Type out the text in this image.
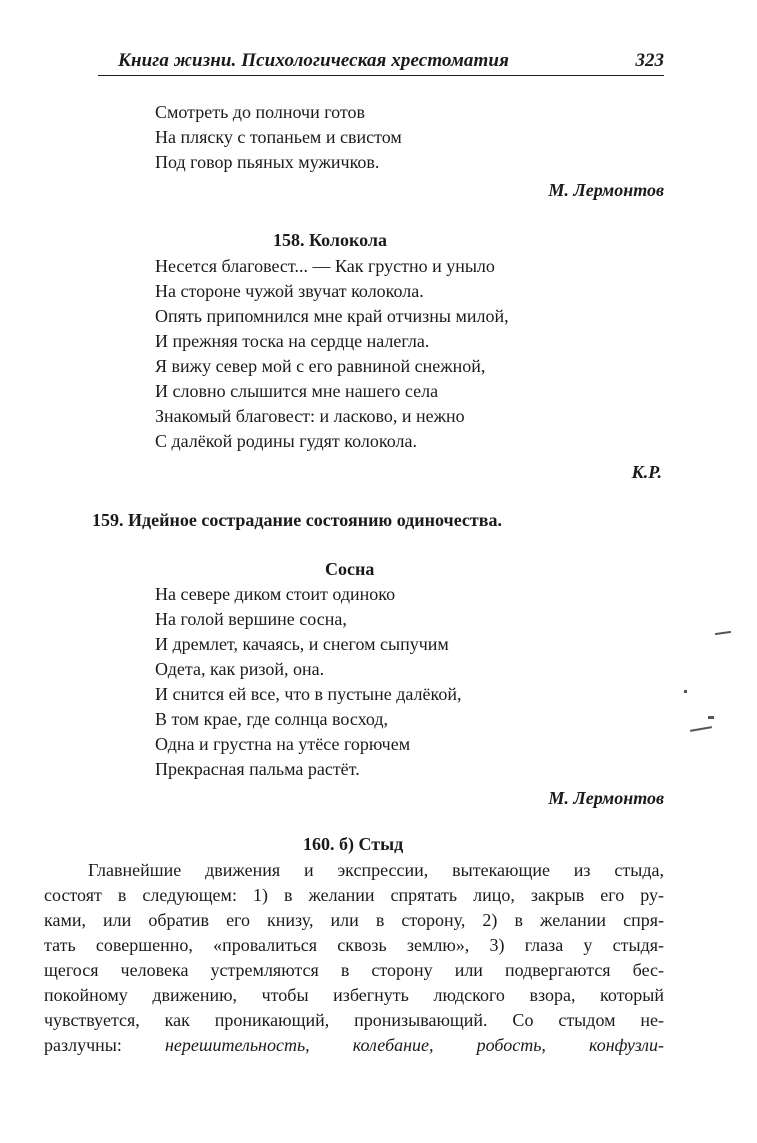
Книга жизни. Психологическая хрестоматия	323
Смотреть до полночи готов
На пляску с топаньем и свистом
Под говор пьяных мужичков.
М. Лермонтов
158. Колокола
Несется благовест... — Как грустно и уныло
На стороне чужой звучат колокола.
Опять припомнился мне край отчизны милой,
И прежняя тоска на сердце налегла.
Я вижу север мой с его равниной снежной,
И словно слышится мне нашего села
Знакомый благовест: и ласково, и нежно
С далёкой родины гудят колокола.
К.Р.
159. Идейное сострадание состоянию одиночества.
Сосна
На севере диком стоит одиноко
На голой вершине сосна,
И дремлет, качаясь, и снегом сыпучим
Одета, как ризой, она.
И снится ей все, что в пустыне далёкой,
В том крае, где солнца восход,
Одна и грустна на утёсе горючем
Прекрасная пальма растёт.
М. Лермонтов
160. б) Стыд
Главнейшие движения и экспрессии, вытекающие из стыда,
состоят в следующем: 1) в желании спрятать лицо, закрыв его ру-
ками, или обратив его книзу, или в сторону, 2) в желании спря-
тать совершенно, «провалиться сквозь землю», 3) глаза у стыдя-
щегося человека устремляются в сторону или подвергаются бес-
покойному движению, чтобы избегнуть людского взора, который
чувствуется, как проникающий, пронизывающий. Со стыдом не-
разлучны: нерешительность, колебание, робость, конфузли-
